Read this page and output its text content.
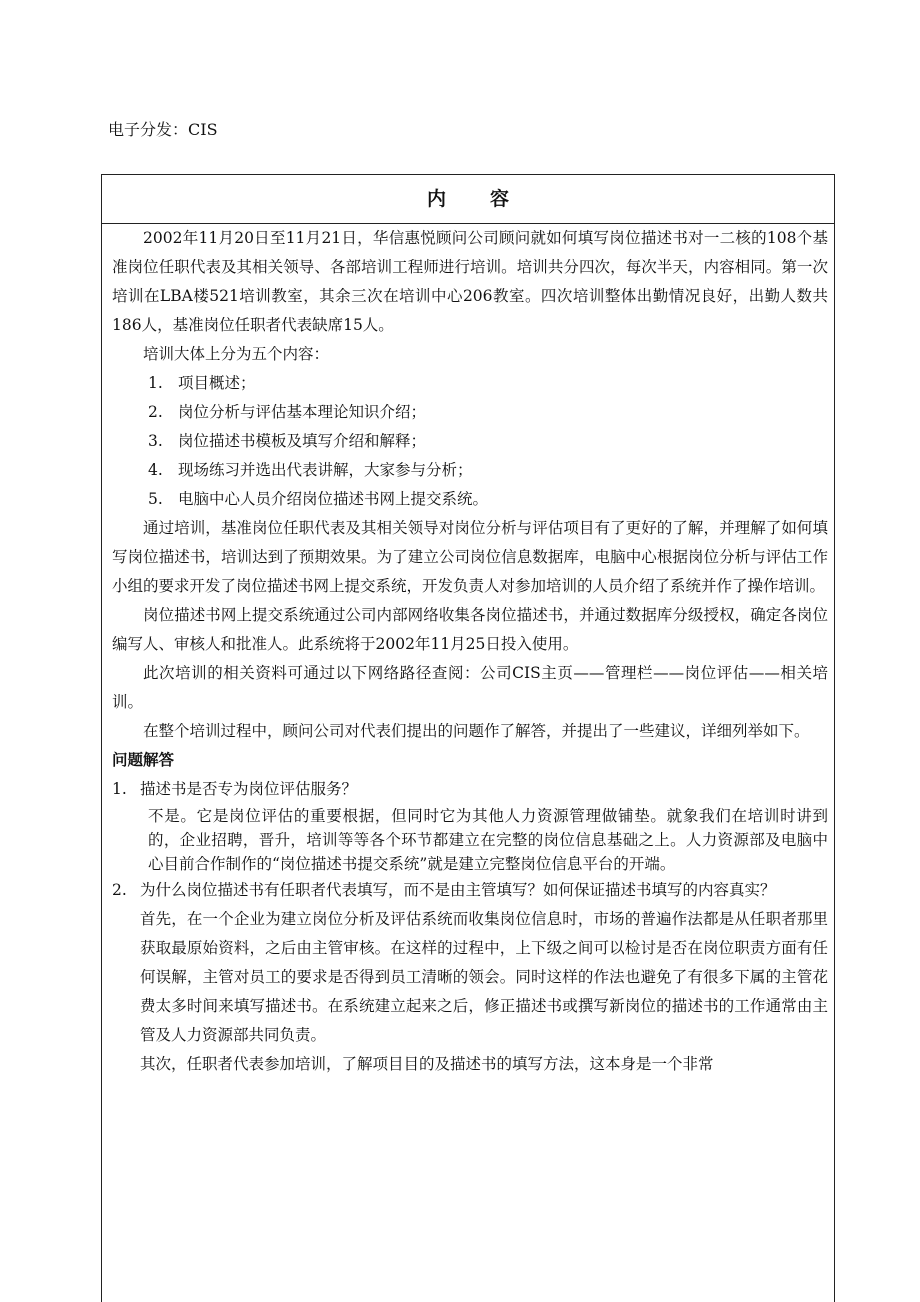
电子分发：CIS
内容

2002年11月20日至11月21日，华信惠悦顾问公司顾问就如何填写岗位描述书对一二核的108个基准岗位任职代表及其相关领导、各部培训工程师进行培训。培训共分四次，每次半天，内容相同。第一次培训在LBA楼521培训教室，其余三次在培训中心206教室。四次培训整体出勤情况良好，出勤人数共186人，基准岗位任职者代表缺席15人。

培训大体上分为五个内容：

1. 项目概述；
2. 岗位分析与评估基本理论知识介绍；
3. 岗位描述书模板及填写介绍和解释；
4. 现场练习并选出代表讲解，大家参与分析；
5. 电脑中心人员介绍岗位描述书网上提交系统。

通过培训，基准岗位任职代表及其相关领导对岗位分析与评估项目有了更好的了解，并理解了如何填写岗位描述书，培训达到了预期效果。为了建立公司岗位信息数据库，电脑中心根据岗位分析与评估工作小组的要求开发了岗位描述书网上提交系统，开发负责人对参加培训的人员介绍了系统并作了操作培训。

岗位描述书网上提交系统通过公司内部网络收集各岗位描述书，并通过数据库分级授权，确定各岗位编写人、审核人和批准人。此系统将于2002年11月25日投入使用。

此次培训的相关资料可通过以下网络路径查阅：公司CIS主页——管理栏——岗位评估——相关培训。

在整个培训过程中，顾问公司对代表们提出的问题作了解答，并提出了一些建议，详细列举如下。

问题解答

1. 描述书是否专为岗位评估服务？

不是。它是岗位评估的重要根据，但同时它为其他人力资源管理做铺垫。就象我们在培训时讲到的，企业招聘，晋升，培训等等各个环节都建立在完整的岗位信息基础之上。人力资源部及电脑中心目前合作制作的“岗位描述书提交系统”就是建立完整岗位信息平台的开端。

2. 为什么岗位描述书有任职者代表填写，而不是由主管填写？如何保证描述书填写的内容真实？

首先，在一个企业为建立岗位分析及评估系统而收集岗位信息时，市场的普遍作法都是从任职者那里获取最原始资料，之后由主管审核。在这样的过程中，上下级之间可以检讨是否在岗位职责方面有任何误解，主管对员工的要求是否得到员工清晰的领会。同时这样的作法也避免了有很多下属的主管花费太多时间来填写描述书。在系统建立起来之后，修正描述书或撰写新岗位的描述书的工作通常由主管及人力资源部共同负责。

其次，任职者代表参加培训，了解项目目的及描述书的填写方法，这本身是一个非常
